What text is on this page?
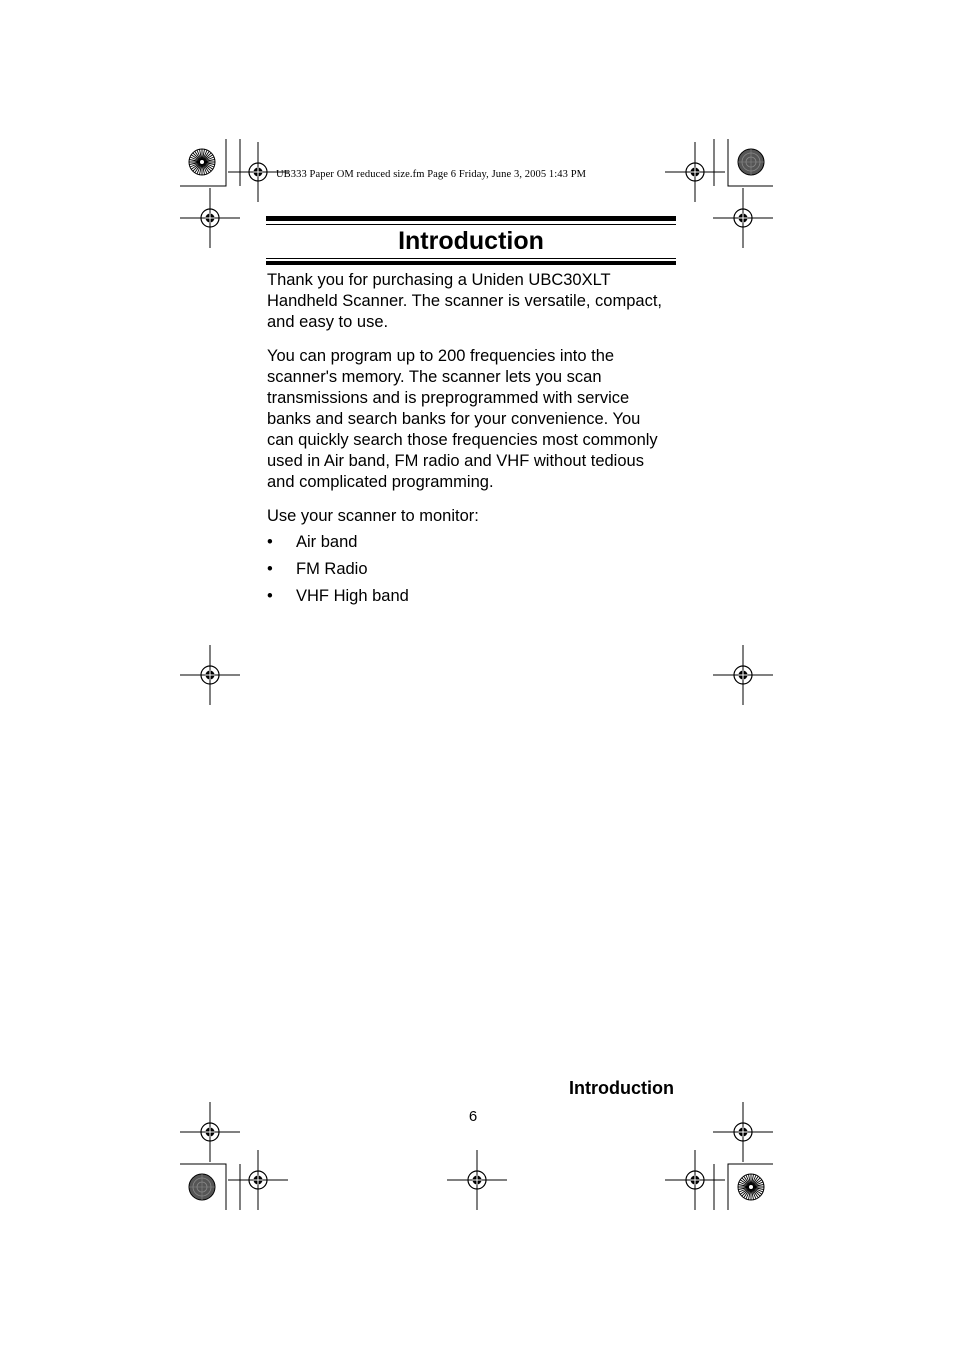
UB333 Paper OM reduced size.fm Page 6 Friday, June 3, 2005 1:43 PM
Introduction

Thank you for purchasing a Uniden UBC30XLT Handheld Scanner. The scanner is versatile, compact, and easy to use.

You can program up to 200 frequencies into the scanner's memory. The scanner lets you scan transmissions and is preprogrammed with service banks and search banks for your convenience. You can quickly search those frequencies most commonly used in Air band, FM radio and VHF without tedious and complicated programming.

Use your scanner to monitor:

• Air band
• FM Radio
• VHF High band
Introduction
6
